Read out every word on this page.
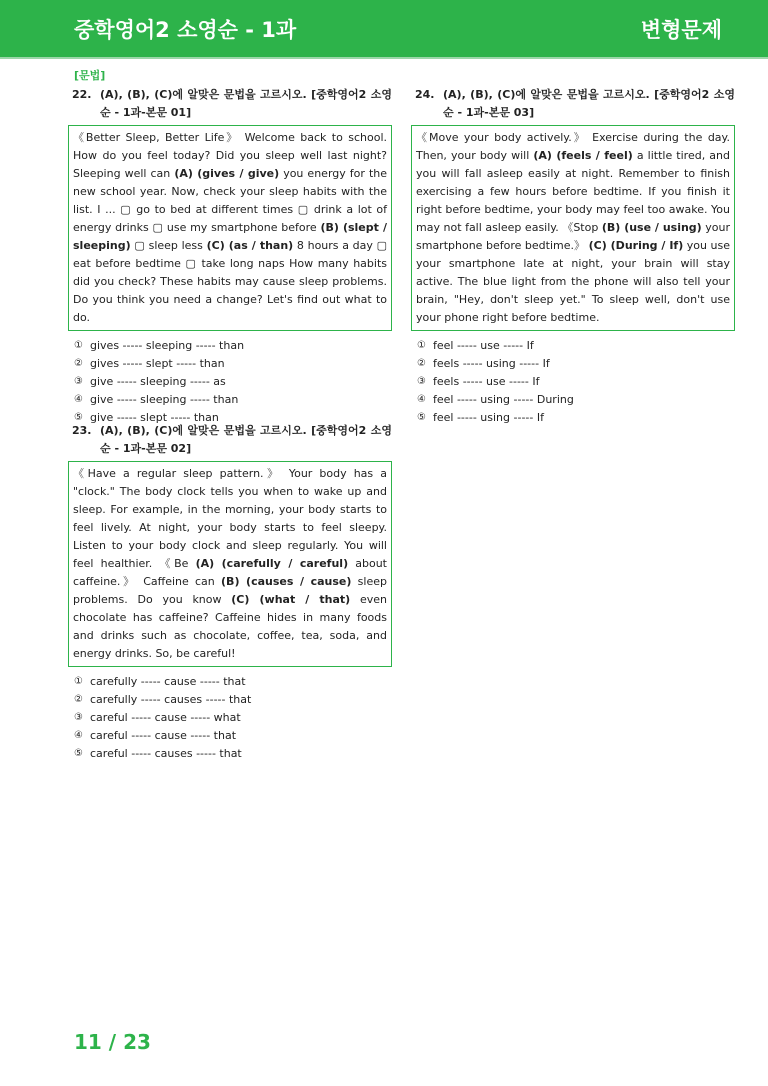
중학영어2 소영순 - 1과	변형문제
[문법]
22. (A), (B), (C)에 알맞은 문법을 고르시오. [중학영어2 소영순 - 1과-본문 01]
《Better Sleep, Better Life》 Welcome back to school. How do you feel today? Did you sleep well last night? Sleeping well can (A) (gives / give) you energy for the new school year. Now, check your sleep habits with the list. I ... ▢ go to bed at different times ▢ drink a lot of energy drinks ▢ use my smartphone before (B) (slept / sleeping) ▢ sleep less (C) (as / than) 8 hours a day ▢ eat before bedtime ▢ take long naps How many habits did you check? These habits may cause sleep problems. Do you think you need a change? Let's find out what to do.
① gives ----- sleeping ----- than
② gives ----- slept ----- than
③ give ----- sleeping ----- as
④ give ----- sleeping ----- than
⑤ give ----- slept ----- than
23. (A), (B), (C)에 알맞은 문법을 고르시오. [중학영어2 소영순 - 1과-본문 02]
《Have a regular sleep pattern.》 Your body has a "clock." The body clock tells you when to wake up and sleep. For example, in the morning, your body starts to feel lively. At night, your body starts to feel sleepy. Listen to your body clock and sleep regularly. You will feel healthier. 《Be (A) (carefully / careful) about caffeine.》 Caffeine can (B) (causes / cause) sleep problems. Do you know (C) (what / that) even chocolate has caffeine? Caffeine hides in many foods and drinks such as chocolate, coffee, tea, soda, and energy drinks. So, be careful!
① carefully ----- cause ----- that
② carefully ----- causes ----- that
③ careful ----- cause ----- what
④ careful ----- cause ----- that
⑤ careful ----- causes ----- that
24. (A), (B), (C)에 알맞은 문법을 고르시오. [중학영어2 소영순 - 1과-본문 03]
《Move your body actively.》 Exercise during the day. Then, your body will (A) (feels / feel) a little tired, and you will fall asleep easily at night. Remember to finish exercising a few hours before bedtime. If you finish it right before bedtime, your body may feel too awake. You may not fall asleep easily. 《Stop (B) (use / using) your smartphone before bedtime.》 (C) (During / If) you use your smartphone late at night, your brain will stay active. The blue light from the phone will also tell your brain, "Hey, don't sleep yet." To sleep well, don't use your phone right before bedtime.
① feel ----- use ----- If
② feels ----- using ----- If
③ feels ----- use ----- If
④ feel ----- using ----- During
⑤ feel ----- using ----- If
11 / 23
